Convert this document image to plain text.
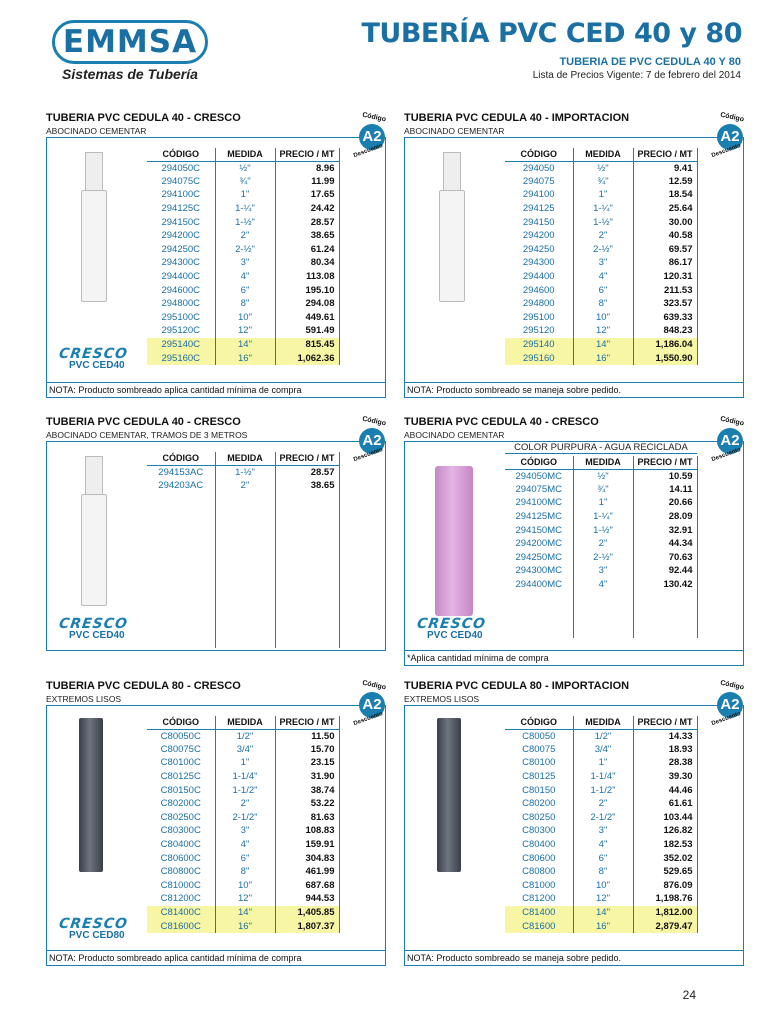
EMMSA
Sistemas de Tubería
TUBERÍA PVC CED 40 y 80
TUBERIA DE PVC CEDULA 40 Y 80
Lista de Precios Vigente: 7 de febrero del 2014
TUBERIA PVC CEDULA 40 - CRESCO
ABOCINADO CEMENTAR
Código
A2
Descuento
CRESCO
PVC CED40
CÓDIGO	MEDIDA	PRECIO / MT
294050C	½"	8.96
294075C	¾"	11.99
294100C	1"	17.65
294125C	1-¼"	24.42
294150C	1-½"	28.57
294200C	2"	38.65
294250C	2-½"	61.24
294300C	3"	80.34
294400C	4"	113.08
294600C	6"	195.10
294800C	8"	294.08
295100C	10"	449.61
295120C	12"	591.49
295140C	14"	815.45
295160C	16"	1,062.36
NOTA: Producto sombreado aplica cantidad mínima de compra
TUBERIA PVC CEDULA 40 - IMPORTACION
ABOCINADO CEMENTAR
Código
A2
Descuento
CÓDIGO	MEDIDA	PRECIO / MT
294050	½"	9.41
294075	¾"	12.59
294100	1"	18.54
294125	1-¼"	25.64
294150	1-½"	30.00
294200	2"	40.58
294250	2-½"	69.57
294300	3"	86.17
294400	4"	120.31
294600	6"	211.53
294800	8"	323.57
295100	10"	639.33
295120	12"	848.23
295140	14"	1,186.04
295160	16"	1,550.90
NOTA: Producto sombreado se maneja sobre pedido.
TUBERIA PVC CEDULA 40 - CRESCO
ABOCINADO CEMENTAR, TRAMOS DE 3 METROS
Código
A2
Descuento
CRESCO
PVC CED40
CÓDIGO	MEDIDA	PRECIO / MT
294153AC	1-½"	28.57
294203AC	2"	38.65

TUBERIA PVC CEDULA 40 - CRESCO
ABOCINADO CEMENTAR
Código
A2
Descuento
CRESCO
PVC CED40
COLOR PURPURA - AGUA RECICLADA
CÓDIGO	MEDIDA	PRECIO / MT
294050MC	½"	10.59
294075MC	¾"	14.11
294100MC	1"	20.66
294125MC	1-¼"	28.09
294150MC	1-½"	32.91
294200MC	2"	44.34
294250MC	2-½"	70.63
294300MC	3"	92.44
294400MC	4"	130.42

*Aplica cantidad mínima de compra
TUBERIA PVC CEDULA 80 - CRESCO
EXTREMOS LISOS
Código
A2
Descuento
CRESCO
PVC CED80
CÓDIGO	MEDIDA	PRECIO / MT
C80050C	1/2"	11.50
C80075C	3/4"	15.70
C80100C	1"	23.15
C80125C	1-1/4"	31.90
C80150C	1-1/2"	38.74
C80200C	2"	53.22
C80250C	2-1/2"	81.63
C80300C	3"	108.83
C80400C	4"	159.91
C80600C	6"	304.83
C80800C	8"	461.99
C81000C	10"	687.68
C81200C	12"	944.53
C81400C	14"	1,405.85
C81600C	16"	1,807.37
NOTA: Producto sombreado aplica cantidad mínima de compra
TUBERIA PVC CEDULA 80 - IMPORTACION
EXTREMOS LISOS
Código
A2
Descuento
CÓDIGO	MEDIDA	PRECIO / MT
C80050	1/2"	14.33
C80075	3/4"	18.93
C80100	1"	28.38
C80125	1-1/4"	39.30
C80150	1-1/2"	44.46
C80200	2"	61.61
C80250	2-1/2"	103.44
C80300	3"	126.82
C80400	4"	182.53
C80600	6"	352.02
C80800	8"	529.65
C81000	10"	876.09
C81200	12"	1,198.76
C81400	14"	1,812.00
C81600	16"	2,879.47
NOTA: Producto sombreado se maneja sobre pedido.
24
